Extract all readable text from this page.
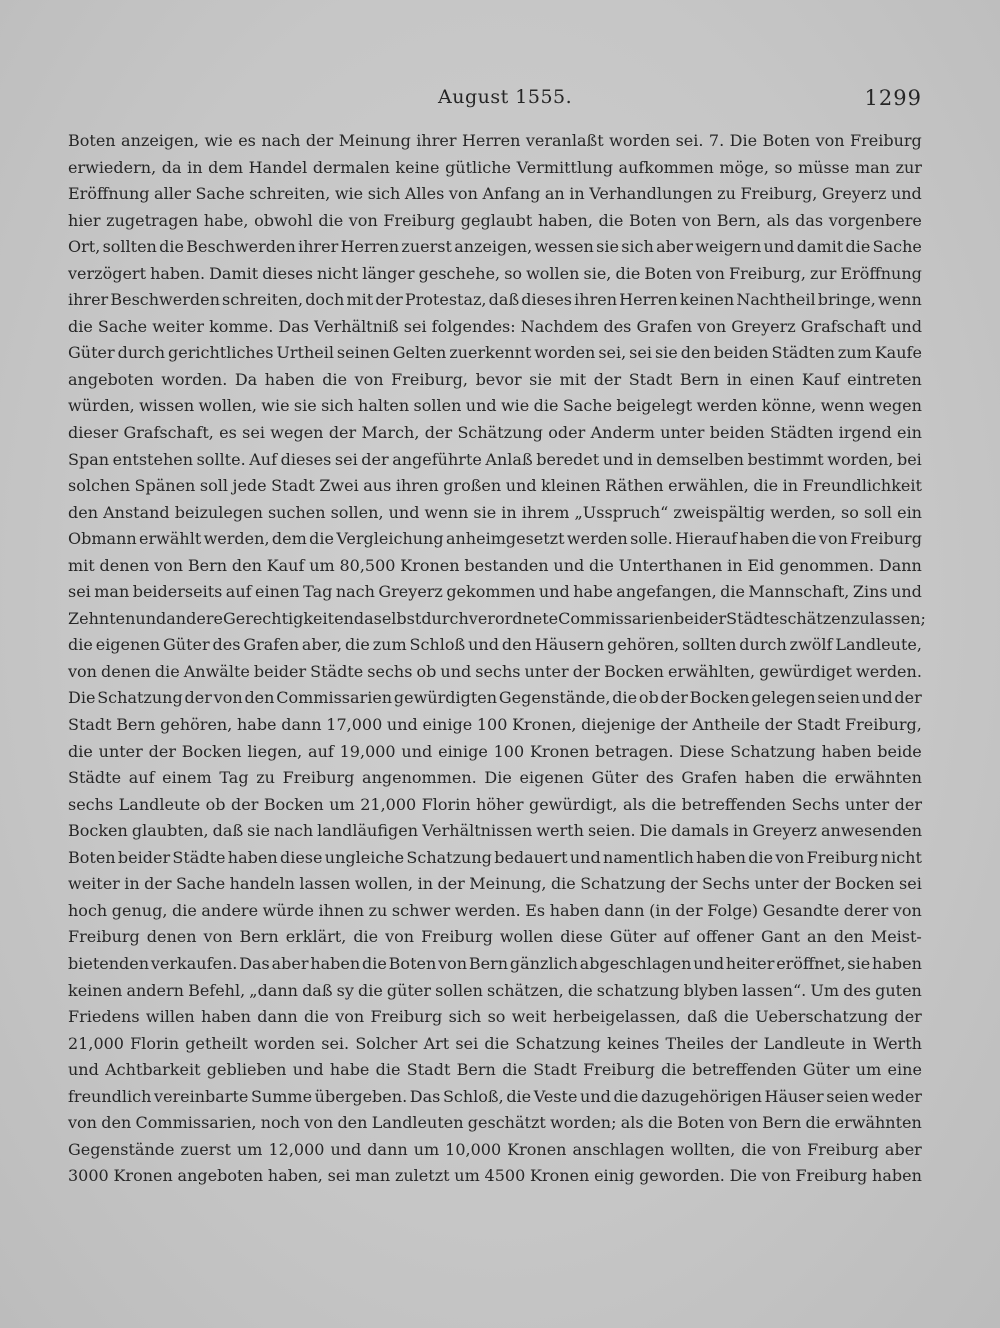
August 1555.	1299
Boten anzeigen, wie es nach der Meinung ihrer Herren veranlaßt worden sei. 7. Die Boten von Freiburg
erwiedern, da in dem Handel dermalen keine gütliche Vermittlung aufkommen möge, so müsse man zur
Eröffnung aller Sache schreiten, wie sich Alles von Anfang an in Verhandlungen zu Freiburg, Greyerz und
hier zugetragen habe, obwohl die von Freiburg geglaubt haben, die Boten von Bern, als das vorgenbere
Ort, sollten die Beschwerden ihrer Herren zuerst anzeigen, wessen sie sich aber weigern und damit die Sache
verzögert haben. Damit dieses nicht länger geschehe, so wollen sie, die Boten von Freiburg, zur Eröffnung
ihrer Beschwerden schreiten, doch mit der Protestaz, daß dieses ihren Herren keinen Nachtheil bringe, wenn
die Sache weiter komme. Das Verhältniß sei folgendes: Nachdem des Grafen von Greyerz Grafschaft und
Güter durch gerichtliches Urtheil seinen Gelten zuerkennt worden sei, sei sie den beiden Städten zum Kaufe
angeboten worden. Da haben die von Freiburg, bevor sie mit der Stadt Bern in einen Kauf eintreten
würden, wissen wollen, wie sie sich halten sollen und wie die Sache beigelegt werden könne, wenn wegen
dieser Grafschaft, es sei wegen der March, der Schätzung oder Anderm unter beiden Städten irgend ein
Span entstehen sollte. Auf dieses sei der angeführte Anlaß beredet und in demselben bestimmt worden, bei
solchen Spänen soll jede Stadt Zwei aus ihren großen und kleinen Räthen erwählen, die in Freundlichkeit
den Anstand beizulegen suchen sollen, und wenn sie in ihrem „Usspruch“ zweispältig werden, so soll ein
Obmann erwählt werden, dem die Vergleichung anheimgesetzt werden solle. Hierauf haben die von Freiburg
mit denen von Bern den Kauf um 80,500 Kronen bestanden und die Unterthanen in Eid genommen. Dann
sei man beiderseits auf einen Tag nach Greyerz gekommen und habe angefangen, die Mannschaft, Zins und
Zehnten und andere Gerechtigkeiten daselbst durch verordnete Commissarien beider Städte schätzen zu lassen;
die eigenen Güter des Grafen aber, die zum Schloß und den Häusern gehören, sollten durch zwölf Landleute,
von denen die Anwälte beider Städte sechs ob und sechs unter der Bocken erwählten, gewürdiget werden.
Die Schatzung der von den Commissarien gewürdigten Gegenstände, die ob der Bocken gelegen seien und der
Stadt Bern gehören, habe dann 17,000 und einige 100 Kronen, diejenige der Antheile der Stadt Freiburg,
die unter der Bocken liegen, auf 19,000 und einige 100 Kronen betragen. Diese Schatzung haben beide
Städte auf einem Tag zu Freiburg angenommen. Die eigenen Güter des Grafen haben die erwähnten
sechs Landleute ob der Bocken um 21,000 Florin höher gewürdigt, als die betreffenden Sechs unter der
Bocken glaubten, daß sie nach landläufigen Verhältnissen werth seien. Die damals in Greyerz anwesenden
Boten beider Städte haben diese ungleiche Schatzung bedauert und namentlich haben die von Freiburg nicht
weiter in der Sache handeln lassen wollen, in der Meinung, die Schatzung der Sechs unter der Bocken sei
hoch genug, die andere würde ihnen zu schwer werden. Es haben dann (in der Folge) Gesandte derer von
Freiburg denen von Bern erklärt, die von Freiburg wollen diese Güter auf offener Gant an den Meist-
bietenden verkaufen. Das aber haben die Boten von Bern gänzlich abgeschlagen und heiter eröffnet, sie haben
keinen andern Befehl, „dann daß sy die güter sollen schätzen, die schatzung blyben lassen“. Um des guten
Friedens willen haben dann die von Freiburg sich so weit herbeigelassen, daß die Ueberschatzung der
21,000 Florin getheilt worden sei. Solcher Art sei die Schatzung keines Theiles der Landleute in Werth
und Achtbarkeit geblieben und habe die Stadt Bern die Stadt Freiburg die betreffenden Güter um eine
freundlich vereinbarte Summe übergeben. Das Schloß, die Veste und die dazugehörigen Häuser seien weder
von den Commissarien, noch von den Landleuten geschätzt worden; als die Boten von Bern die erwähnten
Gegenstände zuerst um 12,000 und dann um 10,000 Kronen anschlagen wollten, die von Freiburg aber
3000 Kronen angeboten haben, sei man zuletzt um 4500 Kronen einig geworden. Die von Freiburg haben
